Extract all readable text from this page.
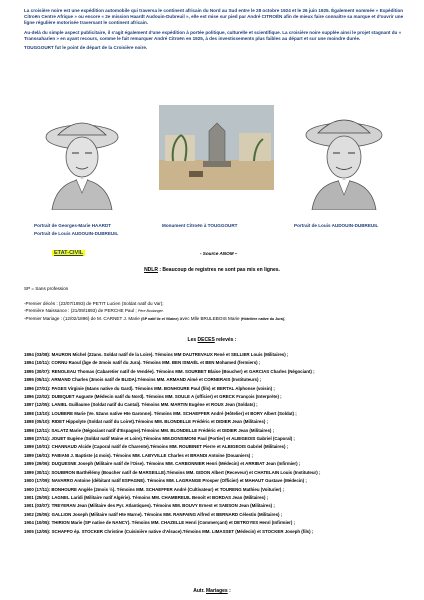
La croisière noire est une expédition automobile qui traversa le continent africain du Nord au Sud entre le 28 octobre 1924 et le 26 juin 1925. Également nommée « Expédition Citroën Centre Afrique » ou encore « 2e mission Haardt Audouin-Dubreuil », elle est mise sur pied par André CITROËN afin de mieux faire connaître sa marque et d'ouvrir une ligne régulière motorisée traversant le continent africain.

Au-delà du simple aspect publicitaire, il s'agit également d'une expédition à portée politique, culturelle et scientifique. La croisière noire supplée ainsi le projet stagnant du « Transsaharien » en ayant recours, comme le fait remarquer André Citroën en 1925, à des investissements plus faibles au départ et sur une moindre durée.

TOUGGOURT fut le point de départ de la Croisière noire.

Portrait de Georges-Marie HAARDT	Monument Citroën à TOUGGOURT	Portrait de Louis AUDOUIN-DUBREUIL
Portrait de Louis AUDOUIN-DUBREUIL
ETAT-CIVIL	- Source ANOM –
NDLR : Beaucoup de registres ne sont pas mis en lignes.
SP = Sans profession
-Premier décès : (23/07/1893) de PETIT Lucien (Soldat natif du Var);
-Première Naissance : (21/09/1893) de PERCHE Paul ; Père Boulanger.
-Premier Mariage : (12/02/1896) de M. CARNET J. Marie (SP natif île et Vilaine) avec Mlle BRULEBOIS Marie (Hôtelière native du Jura);
Les DECES relevés :
1894 (03/08): MAURON Michel (22ans. Soldat natif de la Loire). Témoins MM DAUTREVAUX René et SELLIER Louis (Militaires) ;
1894 (10/11): CORNU Raoul (âge de 3mois natif du Jura). Témoins MM. BEN ISMAËL et BEN Mohamed (fermiers) ;
1895 (30/07): RENOLEAU Thomas (Cabaretier natif de Vendée). Témoins MM. SOURBET Blaise (Boucher) et GARCIAS Charles (Négociant) ;
1895 (05/11): ARMAND Charles (3mois natif de BLIDA).Témoins MM. ARMAND Aimé et CORNERAIS (Instituteurs) ;
1896 (27/01): PAGES Virginie (64ans native du Gard). Témoins MM. BONHOURE Paul (fils) et BERTAL Alphonse (voisin) ;
1896 (22/02): DUBIQUET Auguste (Médecin natif du Nord). Témoins MM. SOULE A (officier) et GRECK François (Interprète) ;
1897 (12/05): LANIEL Guillaume (Soldat natif du Cantal). Témoins MM. MARTIN Eugène et ROUX Jean (Soldats) ;
1898 (13/10): LOUBERE Marie (Ve. 52ans native Hte Garonne). Témoins MM. SCHAEFFER André (Hôtelier) et BORY Albert (Soldat) ;
1898 (05/10): RIDET Hippolyte (Soldat natif du Loiret).Témoins MM. BLONDELLE Frédéric et DIDIER Jean (Militaires) ;
1898 (12/11): SALATZ Marie (Négociant natif d'Espagne).Témoins MM. BLONDELLE Frédéric et DIDIER Jean (Militaires) ;
1898 (27/11): JOUET Eugène (Soldat natif Maine et Loire).Témoins MM.DONSIMONI Paul (Portier) et ALBIGEOIS Gabriel (Caporal) ;
1899 (10/01): CHANNAUD Alcide (Caporal natif de Charente).Témoins MM. ROUBINET Pierre et ALBIGEOIS Gabriel (Militaires) ;
1899 (16/01): FABIANI J. Baptiste (4 mois). Témoins MM. LABYVILLE Charles et BRANDI Antoine (Douaniers) ;
1899 (29/06): DUQUESNE Joseph (Militaire natif de l'Oise). Témoins MM. CARBONNIER Henri (Médecin) et ARRIBAT Jean (Infirmier) ;
1899 (30/11): SOUBIRON Barthélémy (Boucher natif de MARSEILLE).Témoins MM. GIDON Albert (Receveur) et CHATELAIN Louis (Instituteur) ;
1900 (17/09): NAVARRO Antoine (débitant natif ESPAGNE). Témoins MM. LAGRANGE Prosper (Officier) et MAHAUT Gustave (Médecin) ;
1900 (17/11): BONHOURE Angèle (2mois ½). Témoins MM. SCHAEFFER André (Cultivateur) et TOURENG Mathieu (Voiturier) ;
1901 (25/05): LAGNEL Laridi (Militaire natif Algérie). Témoins MM. CHAMBREUIL Benoît et BORDAS Jean (Militaires) ;
1901 (03/07): TREYERAN Jean (Militaire des Pyr. Atlantiques). Témoins MM. BOUVY Ernest et SABSON Jean (Militaires) ;
1902 (25/05): GALLION Joseph (Militaire natif Hte Marne). Témoins MM. RANFAING Alfred et BERNARD Célestin (Militaires) ;
1904 (10/05): THIRION Marie (SP native de NANCY). Témoins MM. CHAZELLE Henri (Commerçant) et DETROYES Henri (Infirmier) ;
1905 (12/05): SCHAFFO ép. STOCKER Christine (Cuisinière native d'Alsace).Témoins MM. LIMASSET (Médecin) et STOCKER Joseph (fils) ;
Autr. Mariages :
